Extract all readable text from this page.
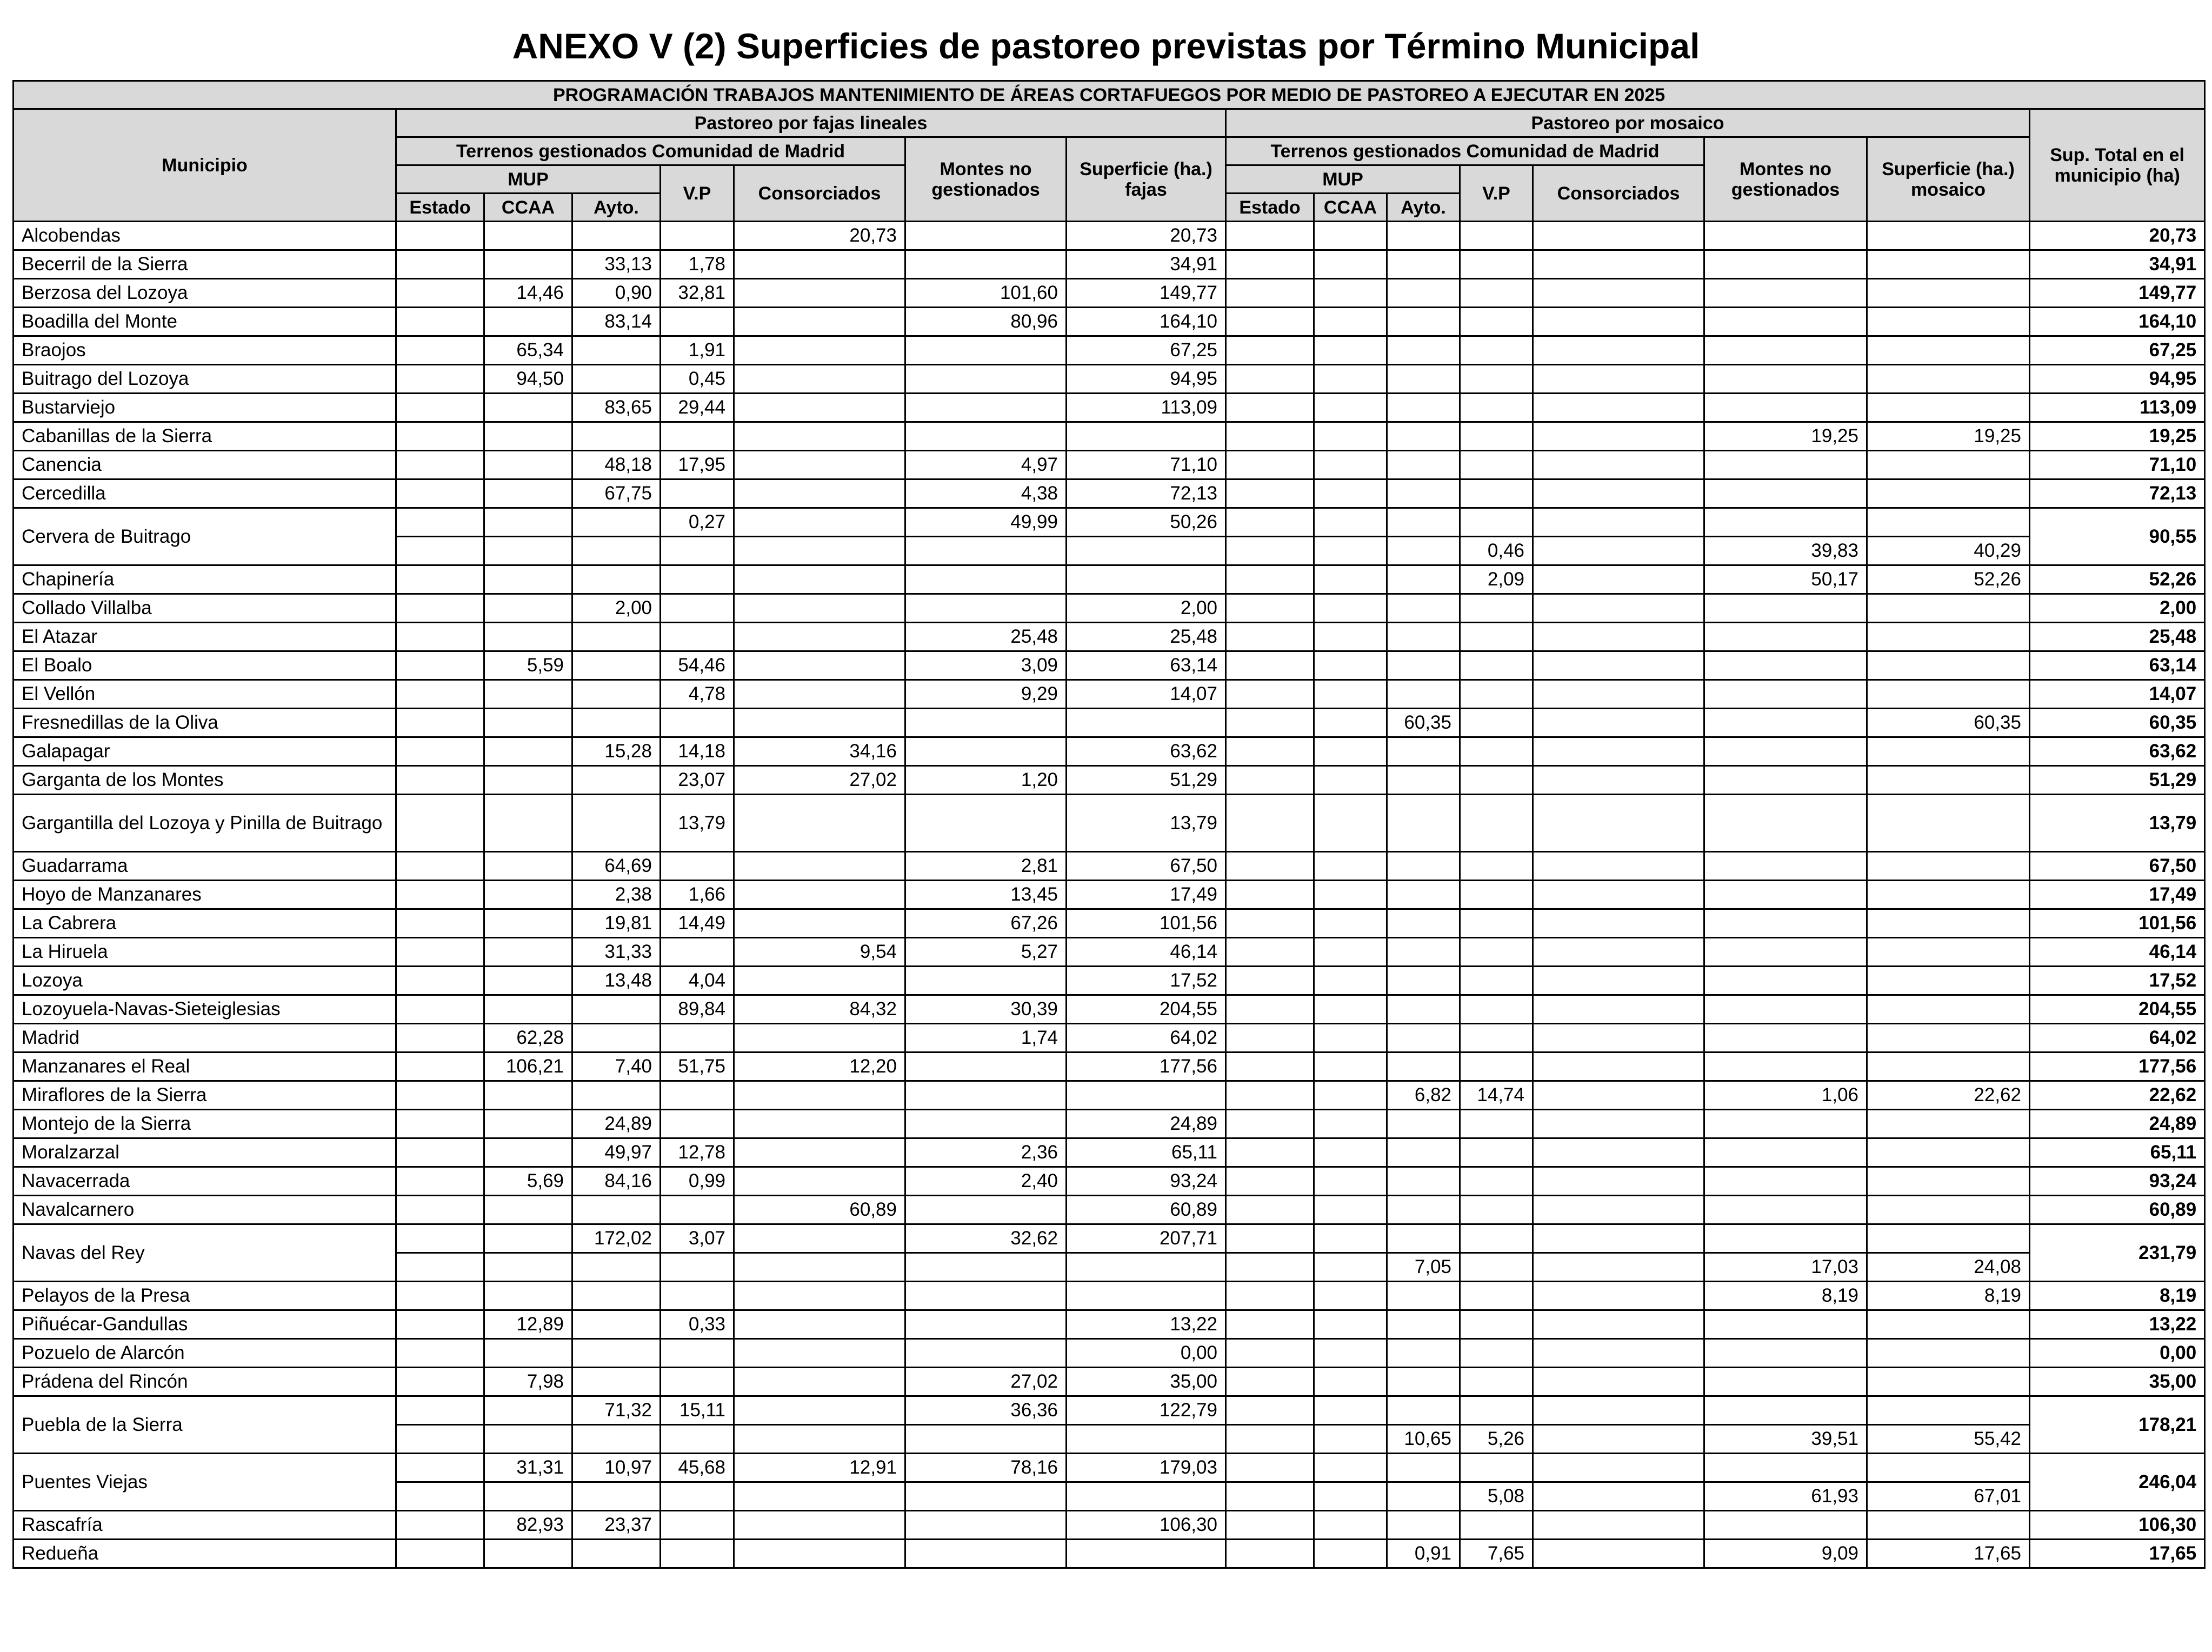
ANEXO V (2) Superficies de pastoreo previstas por Término Municipal
PROGRAMACIÓN TRABAJOS MANTENIMIENTO DE ÁREAS CORTAFUEGOS POR MEDIO DE PASTOREO A EJECUTAR EN 2025															
Municipio	Pastoreo por fajas lineales							Pastoreo por mosaico							Sup. Total en el municipio (ha)
	Terrenos gestionados Comunidad de Madrid					Montes no gestionados	Superficie (ha.) fajas	Terrenos gestionados Comunidad de Madrid					Montes no gestionados	Superficie (ha.) mosaico	
	MUP			V.P	Consorciados			MUP			V.P	Consorciados			
	Estado	CCAA	Ayto.					Estado	CCAA	Ayto.					
Alcobendas					20,73		20,73								20,73
Becerril de la Sierra			33,13	1,78			34,91								34,91
Berzosa del Lozoya		14,46	0,90	32,81		101,60	149,77								149,77
Boadilla del Monte			83,14			80,96	164,10								164,10
Braojos		65,34		1,91			67,25								67,25
Buitrago del Lozoya		94,50		0,45			94,95								94,95
Bustarviejo			83,65	29,44			113,09								113,09
Cabanillas de la Sierra													19,25	19,25	19,25
Canencia			48,18	17,95		4,97	71,10								71,10
Cercedilla			67,75			4,38	72,13								72,13
Cervera de Buitrago				0,27		49,99	50,26								90,55
											0,46		39,83	40,29	
Chapinería											2,09		50,17	52,26	52,26
Collado Villalba			2,00				2,00								2,00
El Atazar						25,48	25,48								25,48
El Boalo		5,59		54,46		3,09	63,14								63,14
El Vellón				4,78		9,29	14,07								14,07
Fresnedillas de la Oliva										60,35				60,35	60,35
Galapagar			15,28	14,18	34,16		63,62								63,62
Garganta de los Montes				23,07	27,02	1,20	51,29								51,29
Gargantilla del Lozoya y Pinilla de Buitrago				13,79			13,79								13,79
Guadarrama			64,69			2,81	67,50								67,50
Hoyo de Manzanares			2,38	1,66		13,45	17,49								17,49
La Cabrera			19,81	14,49		67,26	101,56								101,56
La Hiruela			31,33		9,54	5,27	46,14								46,14
Lozoya			13,48	4,04			17,52								17,52
Lozoyuela-Navas-Sieteiglesias				89,84	84,32	30,39	204,55								204,55
Madrid		62,28				1,74	64,02								64,02
Manzanares el Real		106,21	7,40	51,75	12,20		177,56								177,56
Miraflores de la Sierra										6,82	14,74		1,06	22,62	22,62
Montejo de la Sierra			24,89				24,89								24,89
Moralzarzal			49,97	12,78		2,36	65,11								65,11
Navacerrada		5,69	84,16	0,99		2,40	93,24								93,24
Navalcarnero					60,89		60,89								60,89
Navas del Rey			172,02	3,07		32,62	207,71								231,79
										7,05			17,03	24,08	
Pelayos de la Presa													8,19	8,19	8,19
Piñuécar-Gandullas		12,89		0,33			13,22								13,22
Pozuelo de Alarcón							0,00								0,00
Prádena del Rincón		7,98				27,02	35,00								35,00
Puebla de la Sierra			71,32	15,11		36,36	122,79								178,21
										10,65	5,26		39,51	55,42	
Puentes Viejas		31,31	10,97	45,68	12,91	78,16	179,03								246,04
											5,08		61,93	67,01	
Rascafría		82,93	23,37				106,30								106,30
Redueña										0,91	7,65		9,09	17,65	17,65
